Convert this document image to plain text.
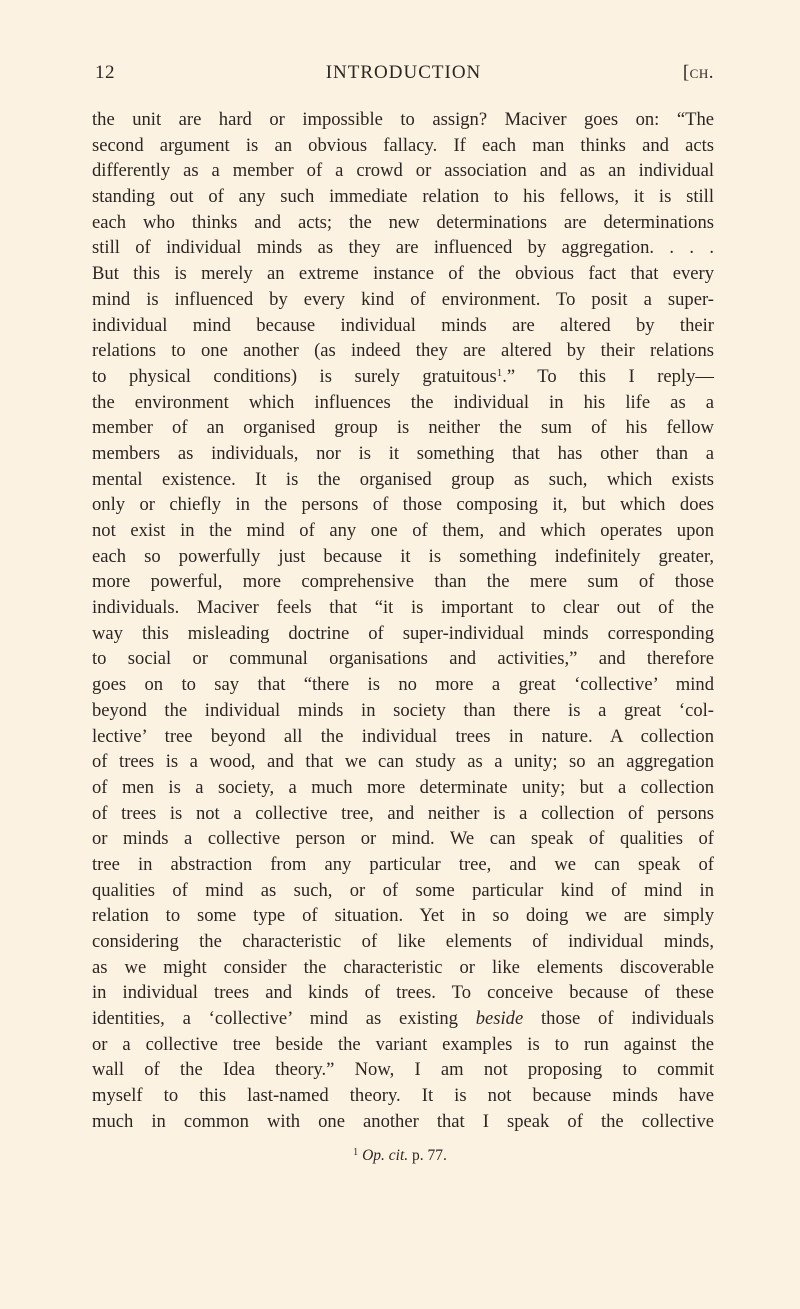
12	INTRODUCTION	[ch.
the unit are hard or impossible to assign? Maciver goes on: “The
second argument is an obvious fallacy. If each man thinks and acts
differently as a member of a crowd or association and as an individual
standing out of any such immediate relation to his fellows, it is still
each who thinks and acts; the new determinations are determinations
still of individual minds as they are influenced by aggregation. . . .
But this is merely an extreme instance of the obvious fact that every
mind is influenced by every kind of environment. To posit a super-
individual mind because individual minds are altered by their
relations to one another (as indeed they are altered by their relations
to physical conditions) is surely gratuitous$^1$.” To this I reply—
the environment which influences the individual in his life as a
member of an organised group is neither the sum of his fellow
members as individuals, nor is it something that has other than a
mental existence. It is the organised group as such, which exists
only or chiefly in the persons of those composing it, but which does
not exist in the mind of any one of them, and which operates upon
each so powerfully just because it is something indefinitely greater,
more powerful, more comprehensive than the mere sum of those
individuals. Maciver feels that “it is important to clear out of the
way this misleading doctrine of super-individual minds corresponding
to social or communal organisations and activities,” and therefore
goes on to say that “there is no more a great ‘collective’ mind
beyond the individual minds in society than there is a great ‘col-
lective’ tree beyond all the individual trees in nature. A collection
of trees is a wood, and that we can study as a unity; so an aggregation
of men is a society, a much more determinate unity; but a collection
of trees is not a collective tree, and neither is a collection of persons
or minds a collective person or mind. We can speak of qualities of
tree in abstraction from any particular tree, and we can speak of
qualities of mind as such, or of some particular kind of mind in
relation to some type of situation. Yet in so doing we are simply
considering the characteristic of like elements of individual minds,
as we might consider the characteristic or like elements discoverable
in individual trees and kinds of trees. To conceive because of these
identities, a ‘collective’ mind as existing beside those of individuals
or a collective tree beside the variant examples is to run against the
wall of the Idea theory.” Now, I am not proposing to commit
myself to this last-named theory. It is not because minds have
much in common with one another that I speak of the collective
$^1$ Op. cit. p. 77.
